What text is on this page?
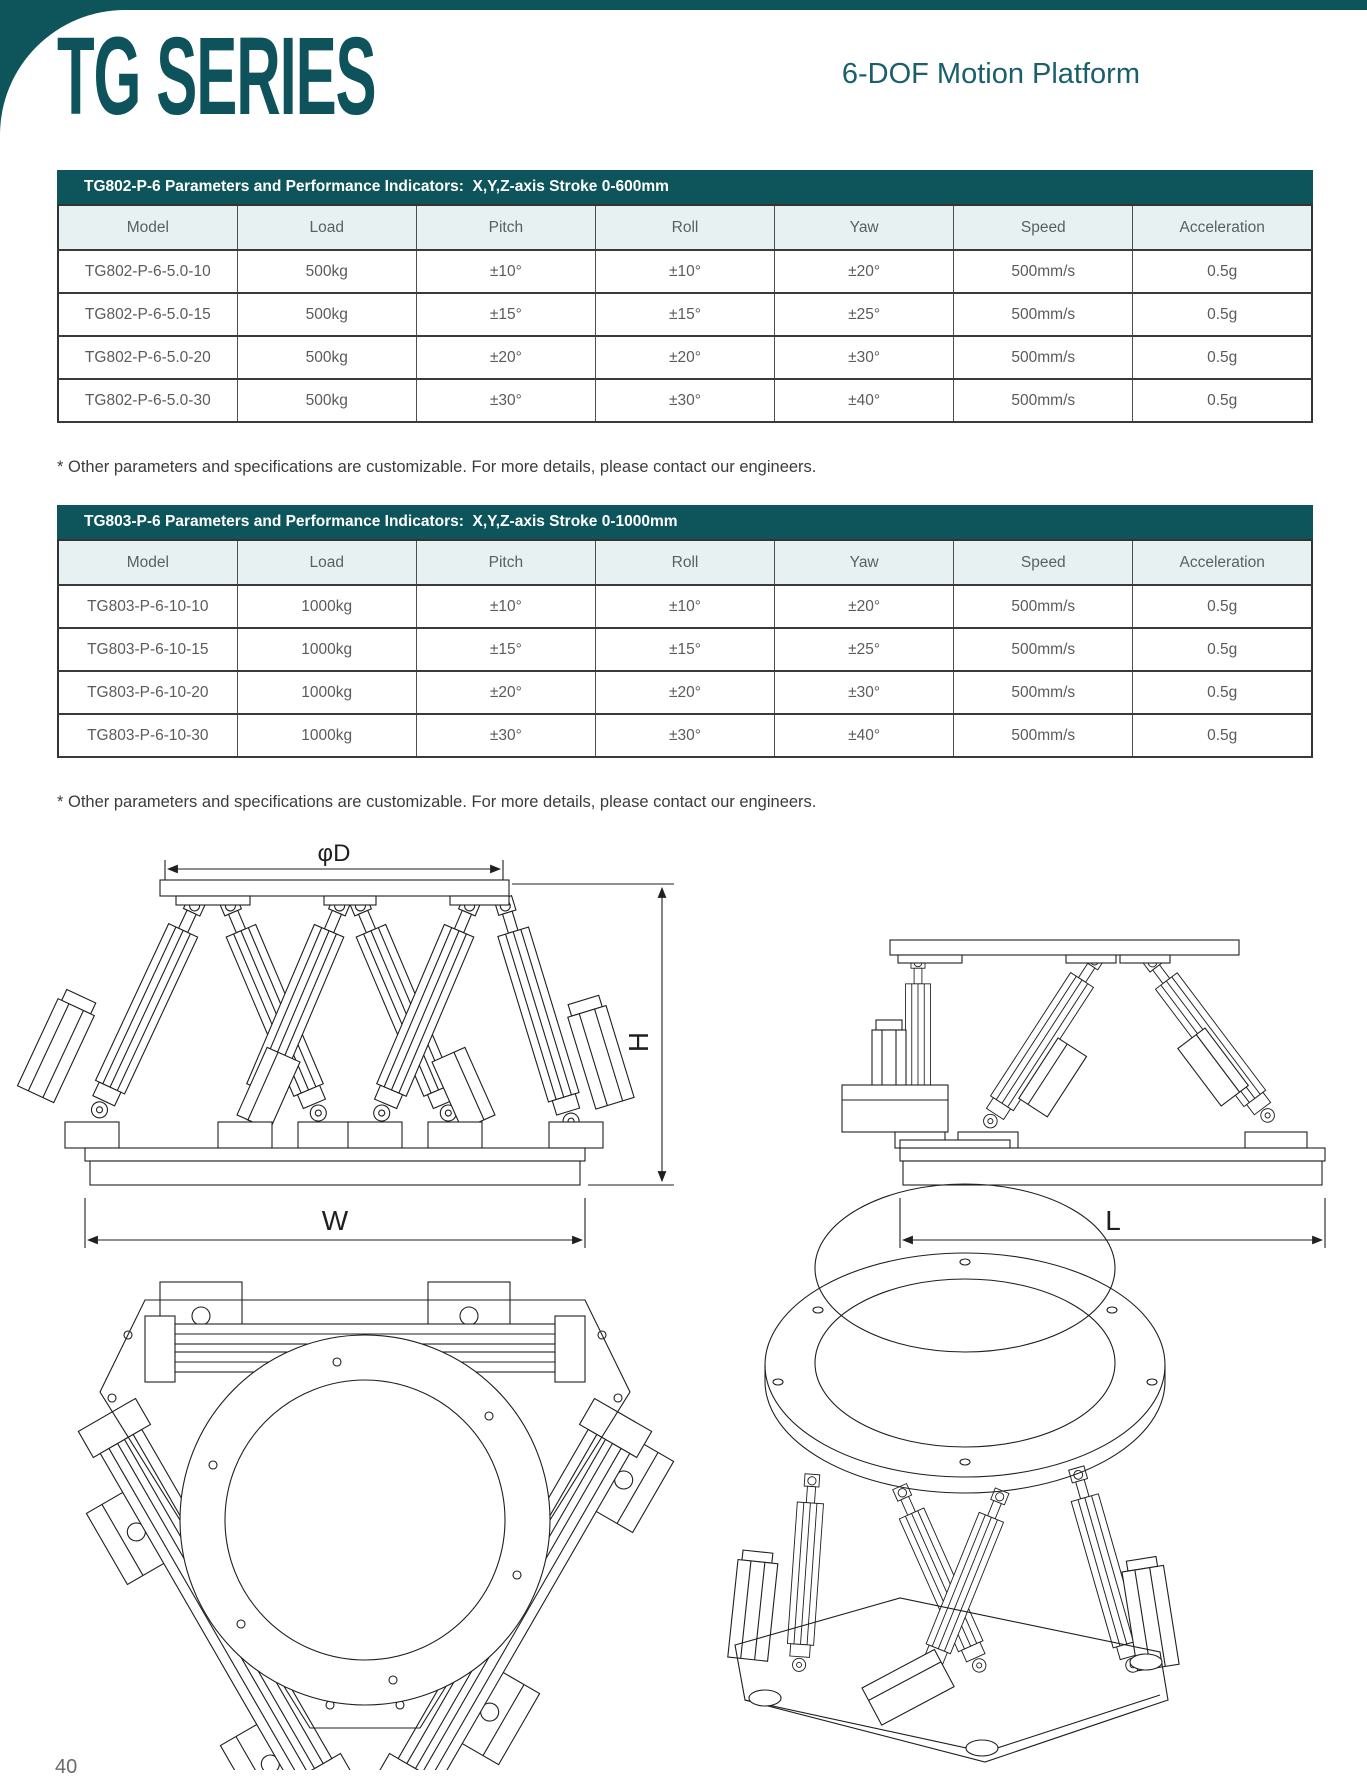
TG SERIES	6-DOF Motion Platform

TG802-P-6 Parameters and Performance Indicators:  X,Y,Z-axis Stroke 0-600mm
Model	Load	Pitch	Roll	Yaw	Speed	Acceleration
TG802-P-6-5.0-10	500kg	±10°	±10°	±20°	500mm/s	0.5g
TG802-P-6-5.0-15	500kg	±15°	±15°	±25°	500mm/s	0.5g
TG802-P-6-5.0-20	500kg	±20°	±20°	±30°	500mm/s	0.5g
TG802-P-6-5.0-30	500kg	±30°	±30°	±40°	500mm/s	0.5g

* Other parameters and specifications are customizable. For more details, please contact our engineers.

TG803-P-6 Parameters and Performance Indicators:  X,Y,Z-axis Stroke 0-1000mm
Model	Load	Pitch	Roll	Yaw	Speed	Acceleration
TG803-P-6-10-10	1000kg	±10°	±10°	±20°	500mm/s	0.5g
TG803-P-6-10-15	1000kg	±15°	±15°	±25°	500mm/s	0.5g
TG803-P-6-10-20	1000kg	±20°	±20°	±30°	500mm/s	0.5g
TG803-P-6-10-30	1000kg	±30°	±30°	±40°	500mm/s	0.5g

* Other parameters and specifications are customizable. For more details, please contact our engineers.

φD
H
W	L

40
